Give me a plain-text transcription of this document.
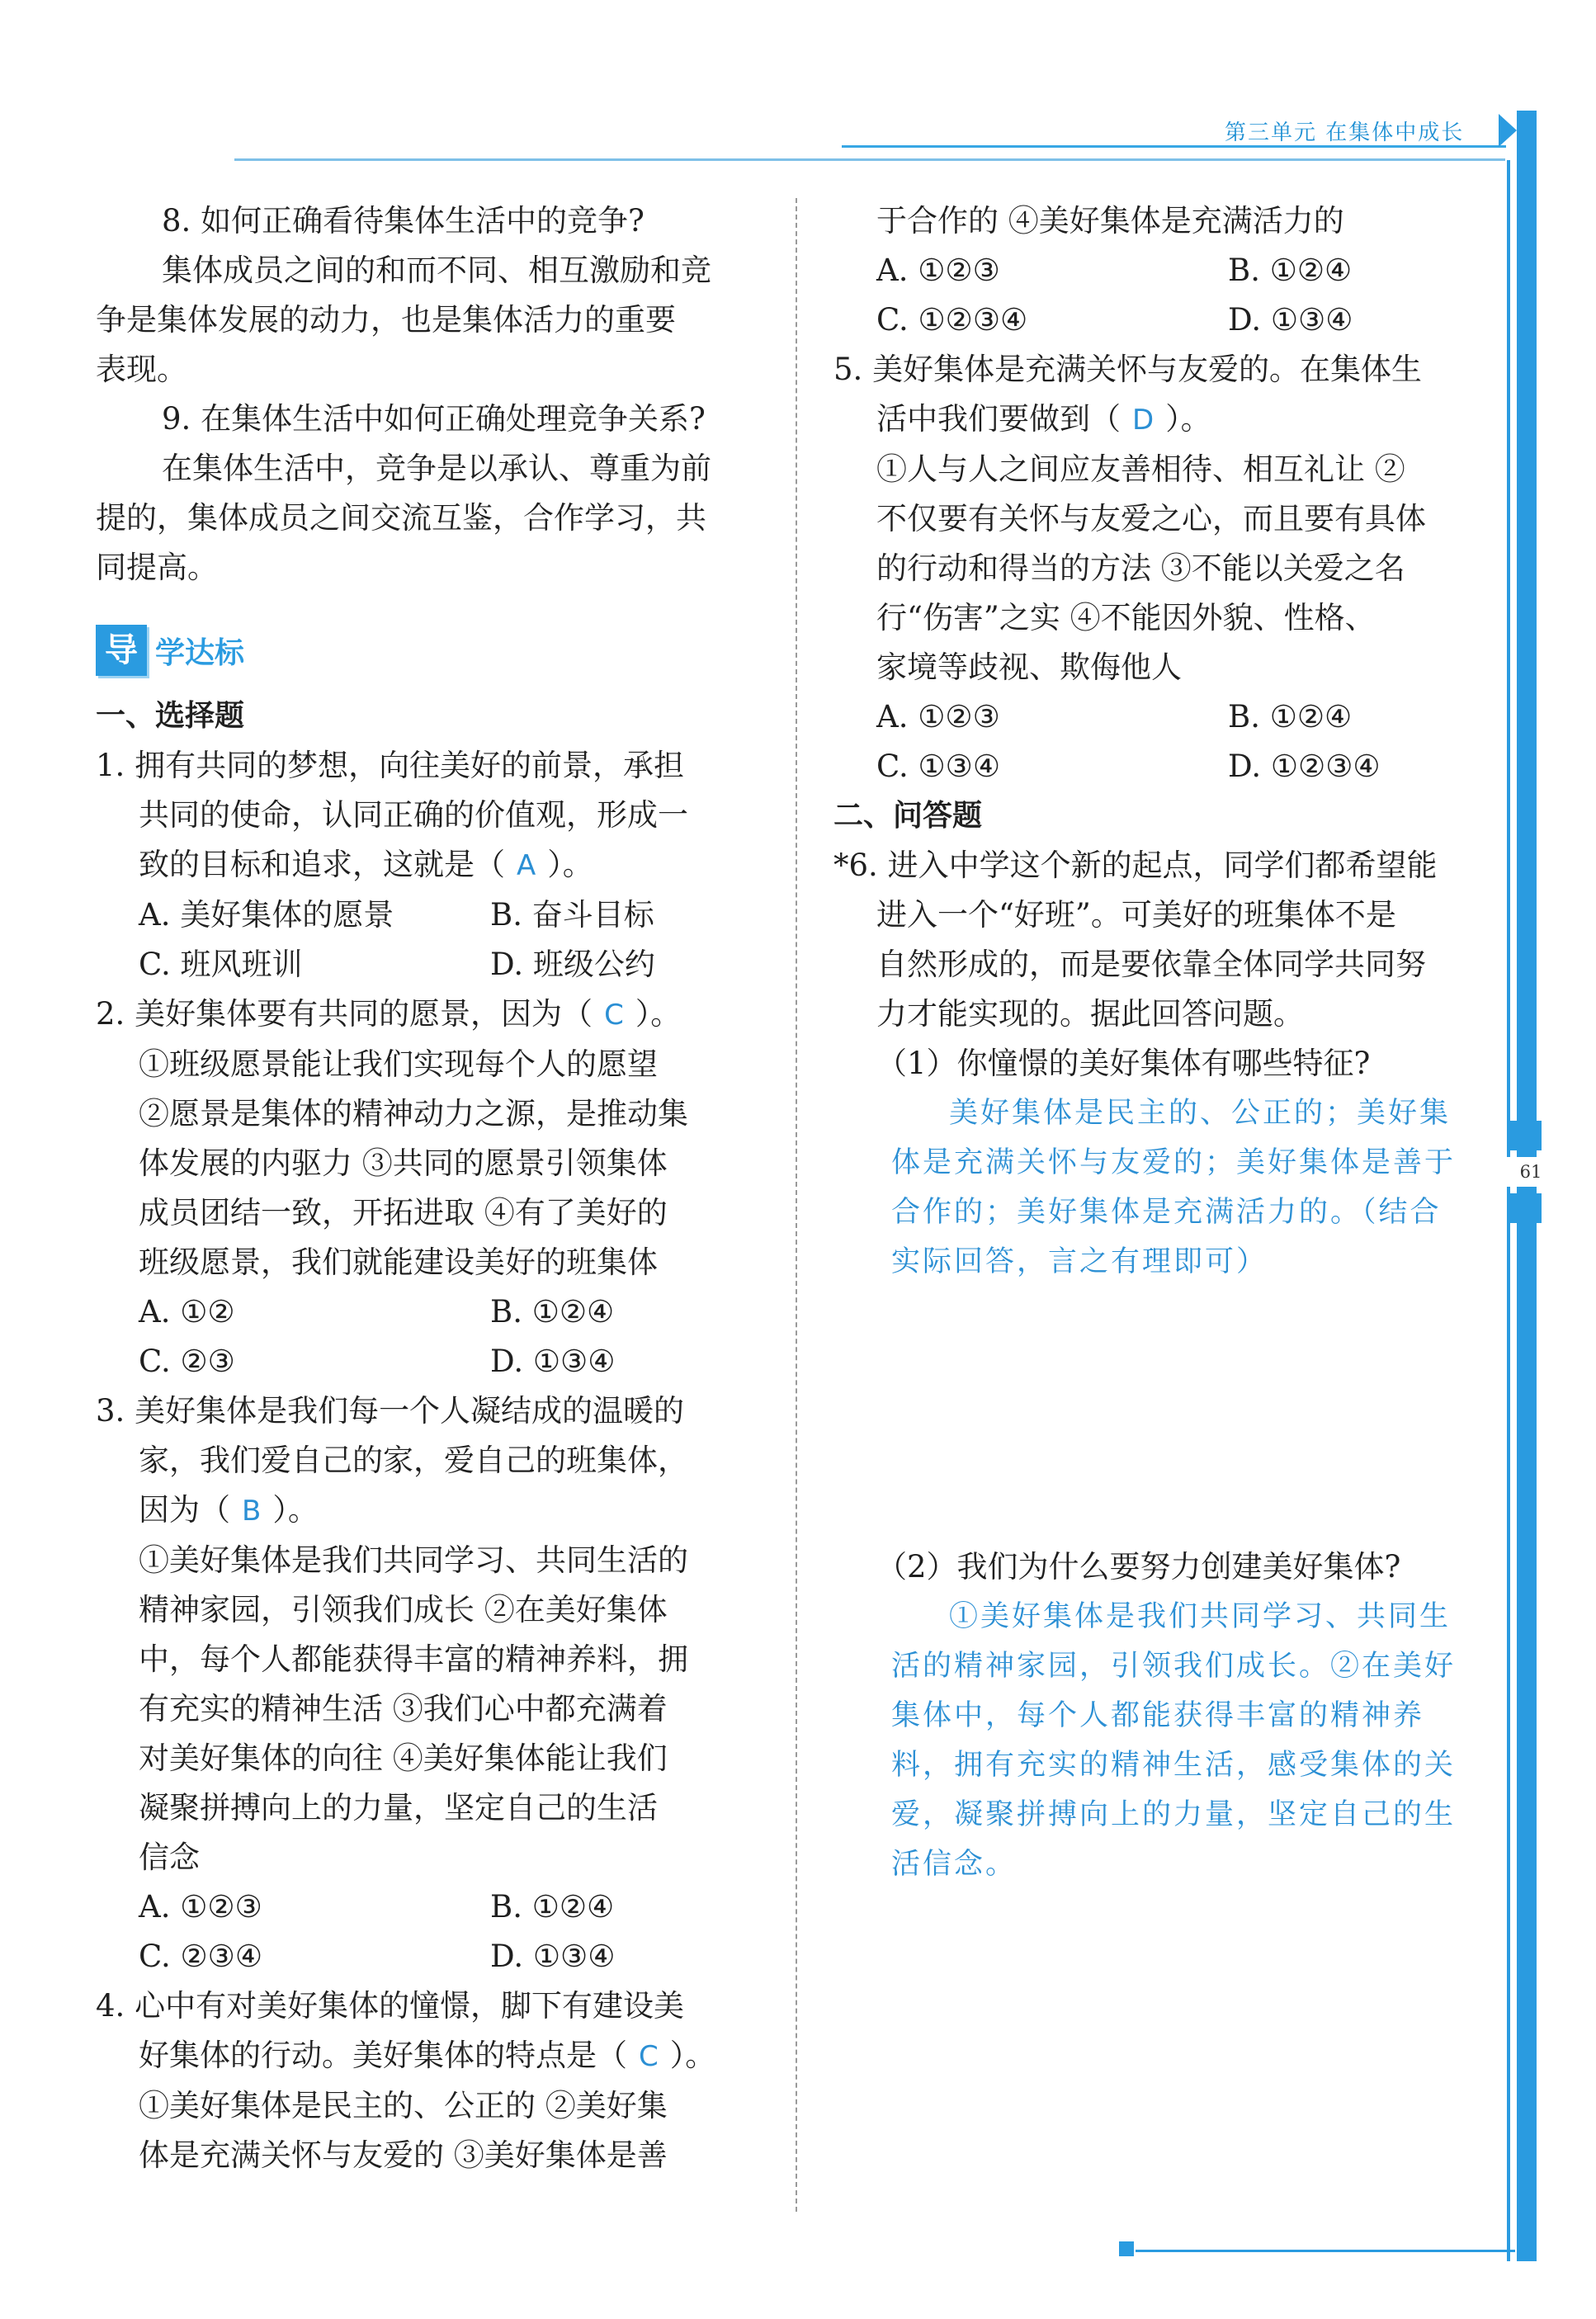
第三单元 在集体中成长
61
8. 如何正确看待集体生活中的竞争?
集体成员之间的和而不同、相互激励和竞
争是集体发展的动力，也是集体活力的重要
表现。
9. 在集体生活中如何正确处理竞争关系?
在集体生活中，竞争是以承认、尊重为前
提的，集体成员之间交流互鉴，合作学习，共
同提高。
导 学达标
一、选择题
1. 拥有共同的梦想，向往美好的前景，承担
共同的使命，认同正确的价值观，形成一
致的目标和追求，这就是（ A ）。
A. 美好集体的愿景	B. 奋斗目标
C. 班风班训	D. 班级公约
2. 美好集体要有共同的愿景，因为（ C ）。
①班级愿景能让我们实现每个人的愿望
②愿景是集体的精神动力之源，是推动集
体发展的内驱力 ③共同的愿景引领集体
成员团结一致，开拓进取 ④有了美好的
班级愿景，我们就能建设美好的班集体
A. ①②	B. ①②④
C. ②③	D. ①③④
3. 美好集体是我们每一个人凝结成的温暖的
家，我们爱自己的家，爱自己的班集体，
因为（ B ）。
①美好集体是我们共同学习、共同生活的
精神家园，引领我们成长 ②在美好集体
中，每个人都能获得丰富的精神养料，拥
有充实的精神生活 ③我们心中都充满着
对美好集体的向往 ④美好集体能让我们
凝聚拼搏向上的力量，坚定自己的生活
信念
A. ①②③	B. ①②④
C. ②③④	D. ①③④
4. 心中有对美好集体的憧憬，脚下有建设美
好集体的行动。美好集体的特点是（ C ）。
①美好集体是民主的、公正的 ②美好集
体是充满关怀与友爱的 ③美好集体是善
于合作的 ④美好集体是充满活力的
A. ①②③	B. ①②④
C. ①②③④	D. ①③④
5. 美好集体是充满关怀与友爱的。在集体生
活中我们要做到（ D ）。
①人与人之间应友善相待、相互礼让 ②
不仅要有关怀与友爱之心，而且要有具体
的行动和得当的方法 ③不能以关爱之名
行“伤害”之实 ④不能因外貌、性格、
家境等歧视、欺侮他人
A. ①②③	B. ①②④
C. ①③④	D. ①②③④
二、问答题
*6. 进入中学这个新的起点，同学们都希望能
进入一个“好班”。可美好的班集体不是
自然形成的，而是要依靠全体同学共同努
力才能实现的。据此回答问题。
（1）你憧憬的美好集体有哪些特征?
美好集体是民主的、公正的；美好集
体是充满关怀与友爱的；美好集体是善于
合作的；美好集体是充满活力的。（结合
实际回答，言之有理即可）
（2）我们为什么要努力创建美好集体?
①美好集体是我们共同学习、共同生
活的精神家园，引领我们成长。②在美好
集体中，每个人都能获得丰富的精神养
料，拥有充实的精神生活，感受集体的关
爱，凝聚拼搏向上的力量，坚定自己的生
活信念。
